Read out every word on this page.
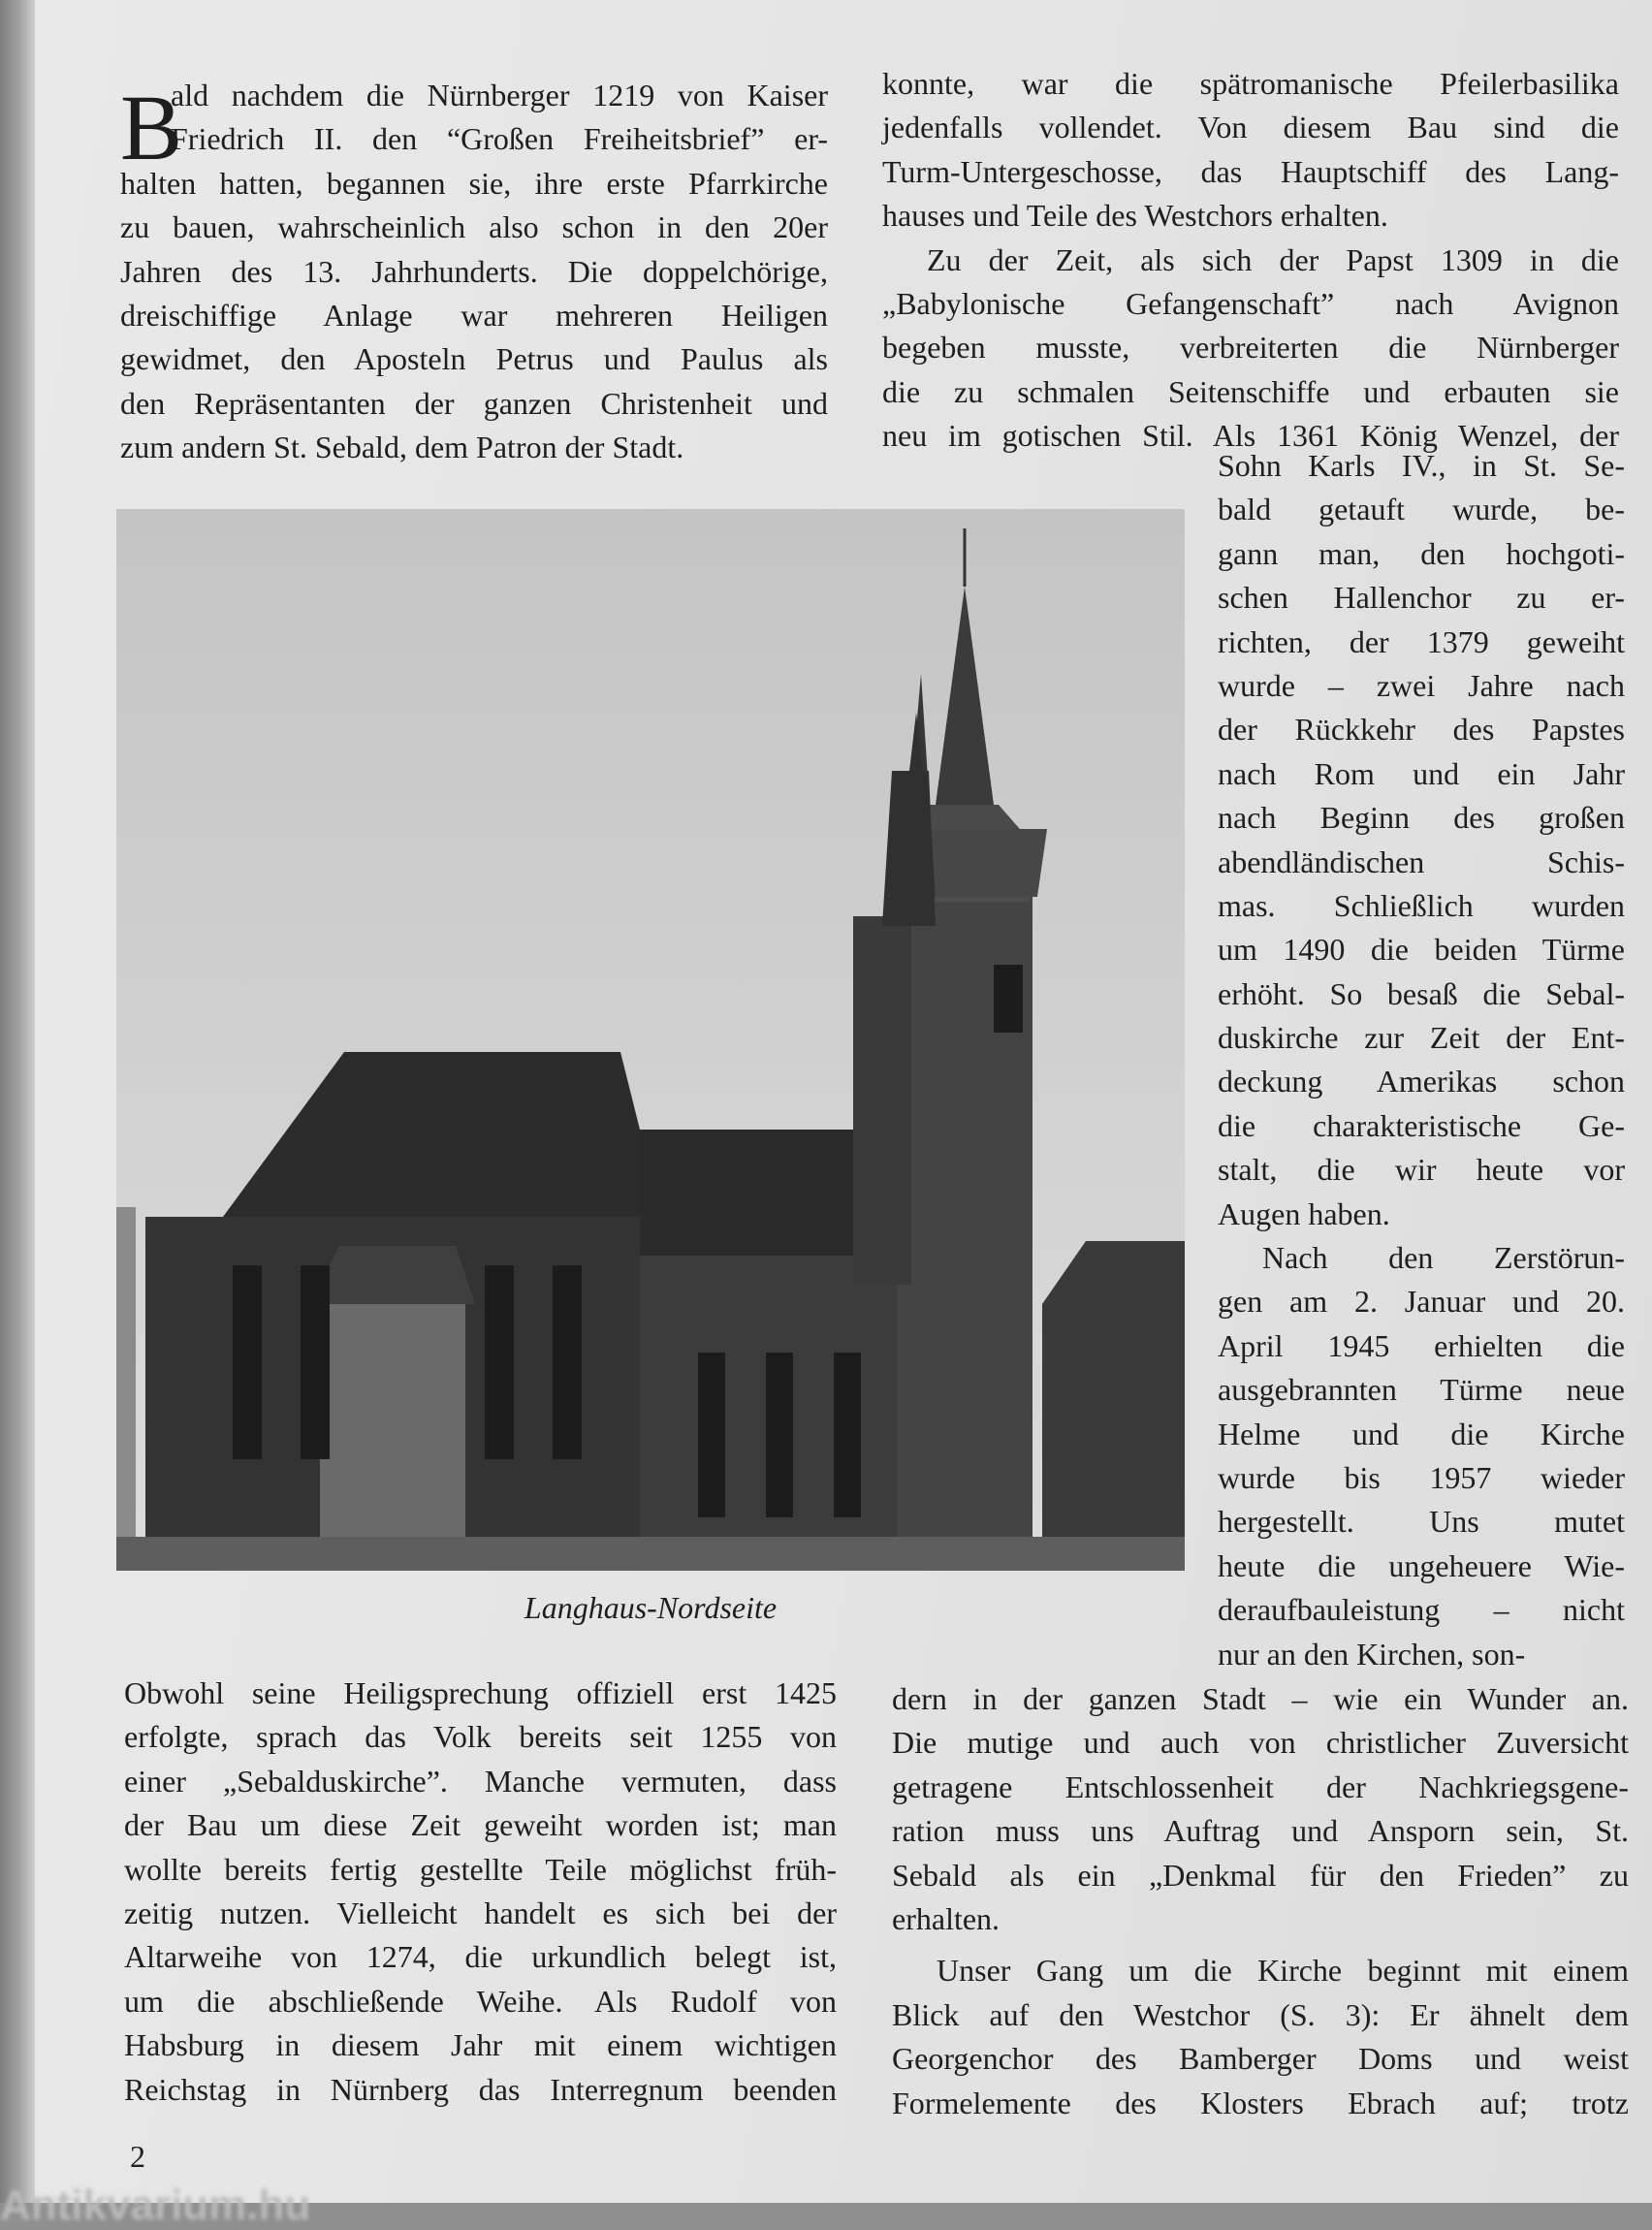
B
ald nachdem die Nürnberger 1219 von Kaiser
Friedrich II. den “Großen Freiheitsbrief” er-
halten hatten, begannen sie, ihre erste Pfarrkirche
zu bauen, wahrscheinlich also schon in den 20er
Jahren des 13. Jahrhunderts. Die doppelchörige,
dreischiffige Anlage war mehreren Heiligen
gewidmet, den Aposteln Petrus und Paulus als
den Repräsentanten der ganzen Christenheit und
zum andern St. Sebald, dem Patron der Stadt.
konnte, war die spätromanische Pfeilerbasilika
jedenfalls vollendet. Von diesem Bau sind die
Turm-Untergeschosse, das Hauptschiff des Lang-
hauses und Teile des Westchors erhalten.
Zu der Zeit, als sich der Papst 1309 in die
„Babylonische Gefangenschaft” nach Avignon
begeben musste, verbreiterten die Nürnberger
die zu schmalen Seitenschiffe und erbauten sie
neu im gotischen Stil. Als 1361 König Wenzel, der
Sohn Karls IV., in St. Se-
bald getauft wurde, be-
gann man, den hochgoti-
schen Hallenchor zu er-
richten, der 1379 geweiht
wurde – zwei Jahre nach
der Rückkehr des Papstes
nach Rom und ein Jahr
nach Beginn des großen
abendländischen Schis-
mas. Schließlich wurden
um 1490 die beiden Türme
erhöht. So besaß die Sebal-
duskirche zur Zeit der Ent-
deckung Amerikas schon
die charakteristische Ge-
stalt, die wir heute vor
Augen haben.
Nach den Zerstörun-
gen am 2. Januar und 20.
April 1945 erhielten die
ausgebrannten Türme neue
Helme und die Kirche
wurde bis 1957 wieder
hergestellt. Uns mutet
heute die ungeheuere Wie-
deraufbauleistung – nicht
nur an den Kirchen, son-
Obwohl seine Heiligsprechung offiziell erst 1425
erfolgte, sprach das Volk bereits seit 1255 von
einer „Sebalduskirche”. Manche vermuten, dass
der Bau um diese Zeit geweiht worden ist; man
wollte bereits fertig gestellte Teile möglichst früh-
zeitig nutzen. Vielleicht handelt es sich bei der
Altarweihe von 1274, die urkundlich belegt ist,
um die abschließende Weihe. Als Rudolf von
Habsburg in diesem Jahr mit einem wichtigen
Reichstag in Nürnberg das Interregnum beenden
dern in der ganzen Stadt – wie ein Wunder an.
Die mutige und auch von christlicher Zuversicht
getragene Entschlossenheit der Nachkriegsgene-
ration muss uns Auftrag und Ansporn sein, St.
Sebald als ein „Denkmal für den Frieden” zu
erhalten.
Unser Gang um die Kirche beginnt mit einem
Blick auf den Westchor (S. 3): Er ähnelt dem
Georgenchor des Bamberger Doms und weist
Formelemente des Klosters Ebrach auf; trotz
Langhaus-Nordseite
2
Antikvarium.hu
